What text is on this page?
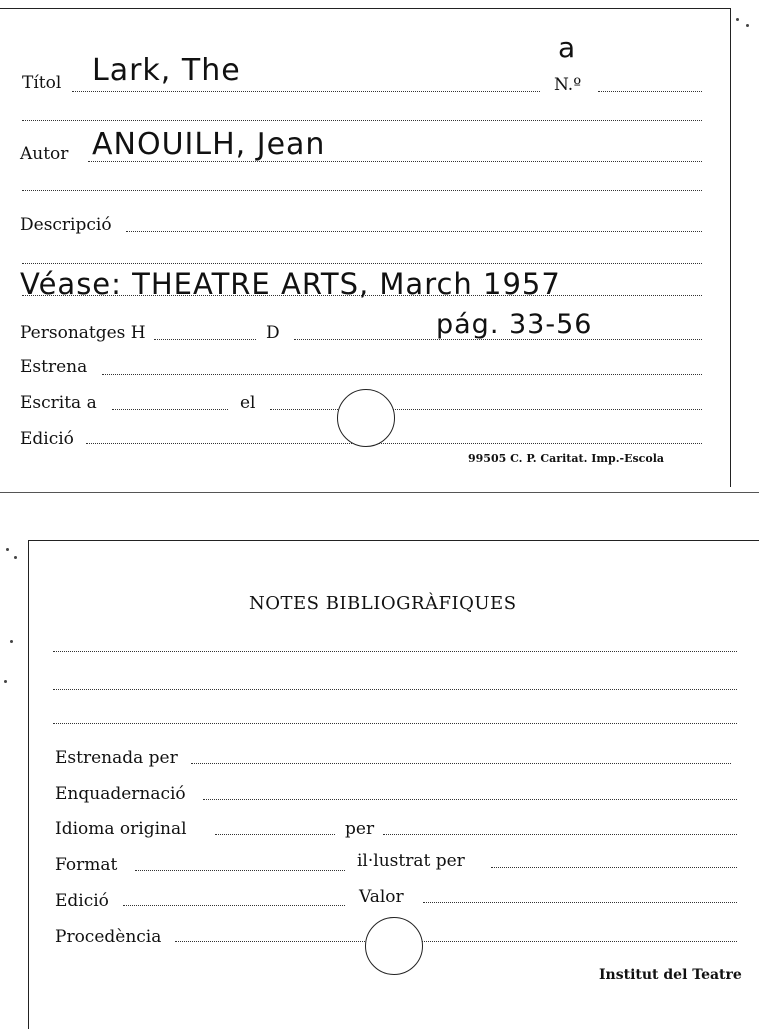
Títol Lark, The	N.º
a
Autor ANOUILH, Jean
Descripció
Véase: THEATRE ARTS, March 1957
Personatges H	D	pág. 33-56
Estrena
Escrita a	el
Edició
99505 C. P. Caritat. Imp.-Escola
NOTES BIBLIOGRÀFIQUES
Estrenada per
Enquadernació
Idioma original	per
Format	il·lustrat per
Edició	Valor
Procedència
Institut del Teatre
